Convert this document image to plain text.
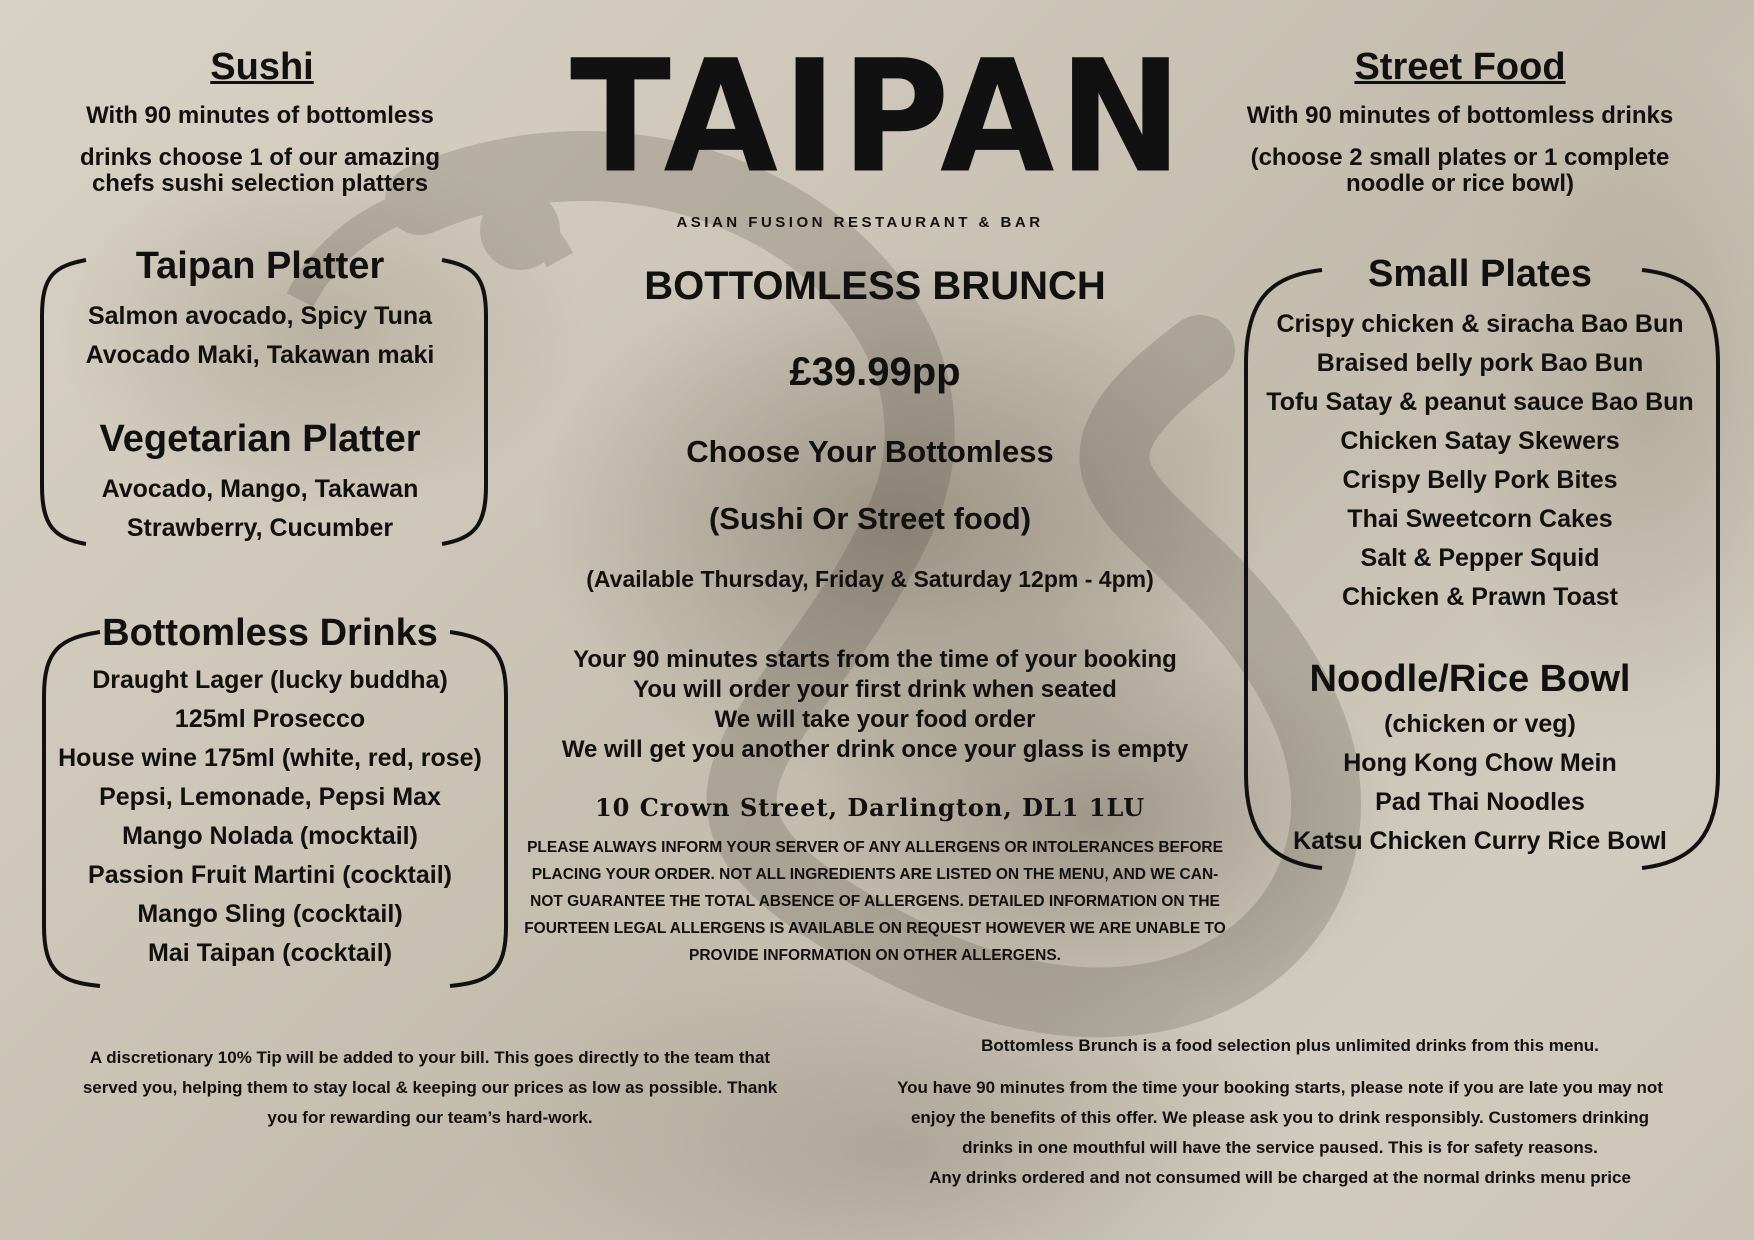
Sushi
With 90 minutes of bottomless
drinks choose 1 of our amazing
chefs sushi selection platters
Taipan Platter
Salmon avocado, Spicy Tuna
Avocado Maki, Takawan maki
Vegetarian Platter
Avocado, Mango, Takawan
Strawberry, Cucumber
Bottomless Drinks
Draught Lager (lucky buddha)
125ml Prosecco
House wine 175ml (white, red, rose)
Pepsi, Lemonade, Pepsi Max
Mango Nolada (mocktail)
Passion Fruit Martini (cocktail)
Mango Sling (cocktail)
Mai Taipan (cocktail)
TAIPAN
ASIAN FUSION RESTAURANT & BAR
BOTTOMLESS BRUNCH
£39.99pp
Choose Your Bottomless
(Sushi Or Street food)
(Available Thursday, Friday & Saturday 12pm - 4pm)
Your 90 minutes starts from the time of your booking
You will order your first drink when seated
We will take your food order
We will get you another drink once your glass is empty
10 Crown Street, Darlington, DL1 1LU
PLEASE ALWAYS INFORM YOUR SERVER OF ANY ALLERGENS OR INTOLERANCES BEFORE
PLACING YOUR ORDER. NOT ALL INGREDIENTS ARE LISTED ON THE MENU, AND WE CAN-
NOT GUARANTEE THE TOTAL ABSENCE OF ALLERGENS. DETAILED INFORMATION ON THE
FOURTEEN LEGAL ALLERGENS IS AVAILABLE ON REQUEST HOWEVER WE ARE UNABLE TO
PROVIDE INFORMATION ON OTHER ALLERGENS.
Street Food
With 90 minutes of bottomless drinks
(choose 2 small plates or 1 complete
noodle or rice bowl)
Small Plates
Crispy chicken & siracha Bao Bun
Braised belly pork Bao Bun
Tofu Satay & peanut sauce Bao Bun
Chicken Satay Skewers
Crispy Belly Pork Bites
Thai Sweetcorn Cakes
Salt & Pepper Squid
Chicken & Prawn Toast
Noodle/Rice Bowl
(chicken or veg)
Hong Kong Chow Mein
Pad Thai Noodles
Katsu Chicken Curry Rice Bowl
A discretionary 10% Tip will be added to your bill. This goes directly to the team that
served you, helping them to stay local & keeping our prices as low as possible. Thank
you for rewarding our team’s hard-work.
Bottomless Brunch is a food selection plus unlimited drinks from this menu.
You have 90 minutes from the time your booking starts, please note if you are late you may not
enjoy the benefits of this offer. We please ask you to drink responsibly. Customers drinking
drinks in one mouthful will have the service paused. This is for safety reasons.
Any drinks ordered and not consumed will be charged at the normal drinks menu price
